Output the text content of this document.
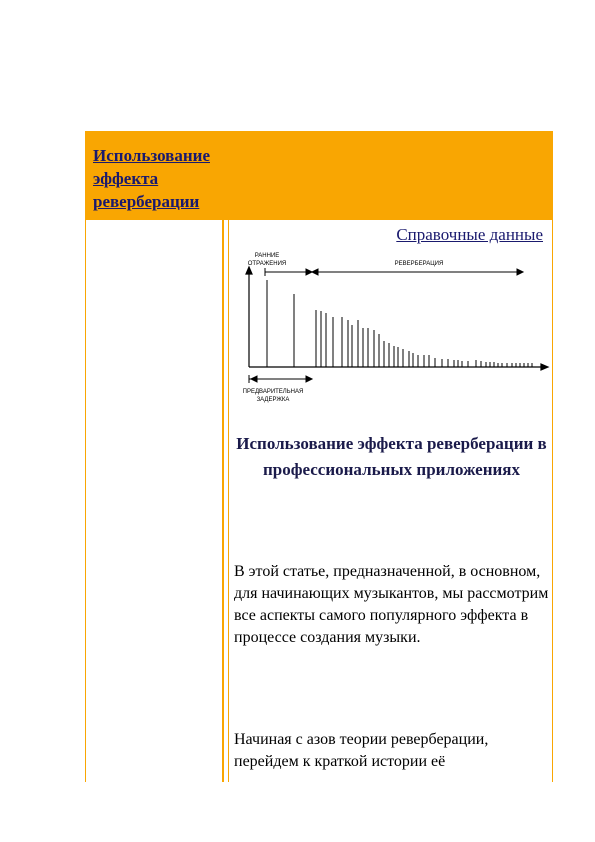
Использование эффекта реверберации
Справочные данные
РАННИЕ
ОТРАЖЕНИЯ	РЕВЕРБЕРАЦИЯ
ПРЕДВАРИТЕЛЬНАЯ
ЗАДЕРЖКА
Использование эффекта реверберации в профессиональных приложениях
В этой статье, предназначенной, в основном, для начинающих музыкантов, мы рассмотрим все аспекты самого популярного эффекта в процессе создания музыки.
Начиная с азов теории реверберации, перейдем к краткой истории её
